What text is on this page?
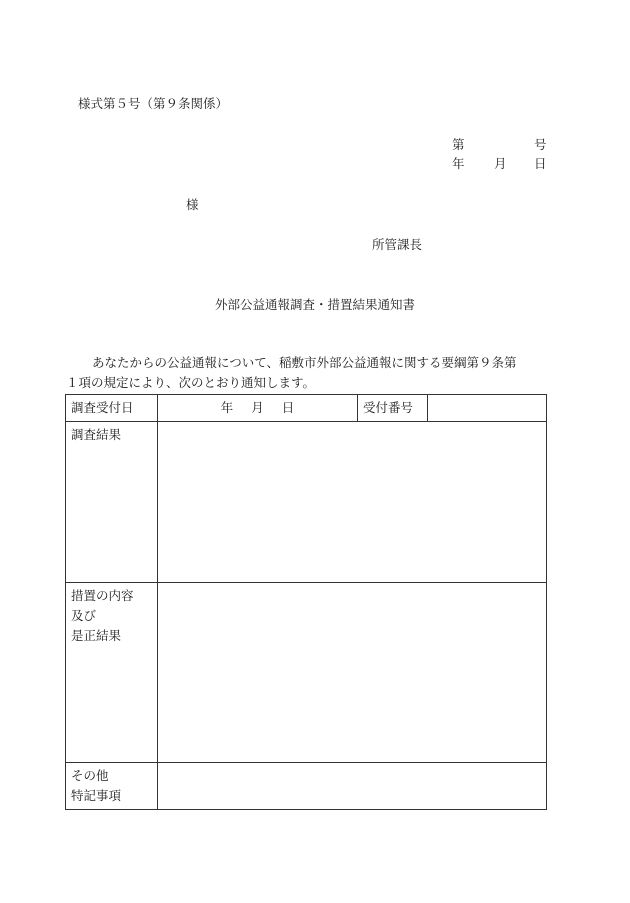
様式第５号（第９条関係）
第	号
年 月 日
様
所管課長
外部公益通報調査・措置結果通知書
あなたからの公益通報について、稲敷市外部公益通報に関する要綱第９条第
１項の規定により、次のとおり通知します。
調査受付日	年 月 日	受付番号	
調査結果			
措置の内容
及び
是正結果			
その他
特記事項			
